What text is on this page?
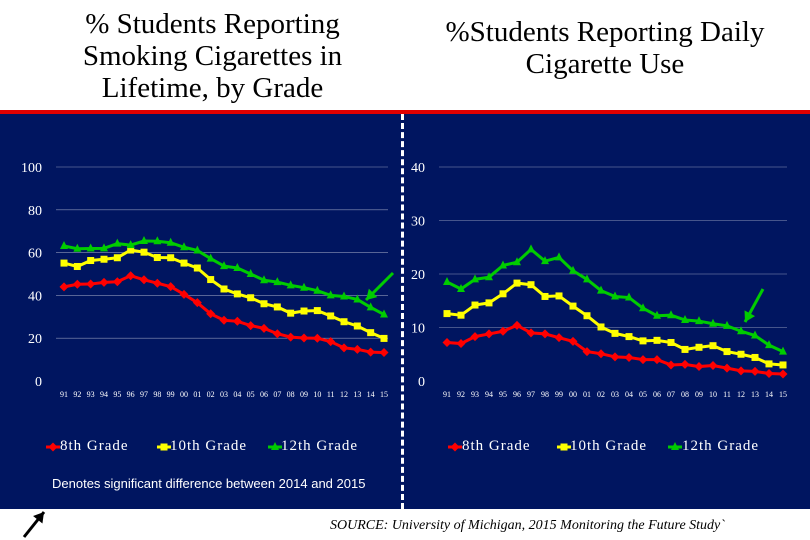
% Students Reporting Smoking Cigarettes in Lifetime, by Grade
%Students Reporting Daily Cigarette Use
0
20
40
60
80
100
91 92 93 94 95 96 97 98 99 00 01 02 03 04 05 06 07 08 09 10 11 12 13 14 15
0
10
20
30
40
91 92 93 94 95 96 97 98 99 00 01 02 03 04 05 06 07 08 09 10 11 12 13 14 15
8th Grade	10th Grade 12th Grade	8th Grade	10th Grade 12th Grade
Denotes significant difference between 2014 and 2015
SOURCE: University of Michigan, 2015 Monitoring the Future Study`
